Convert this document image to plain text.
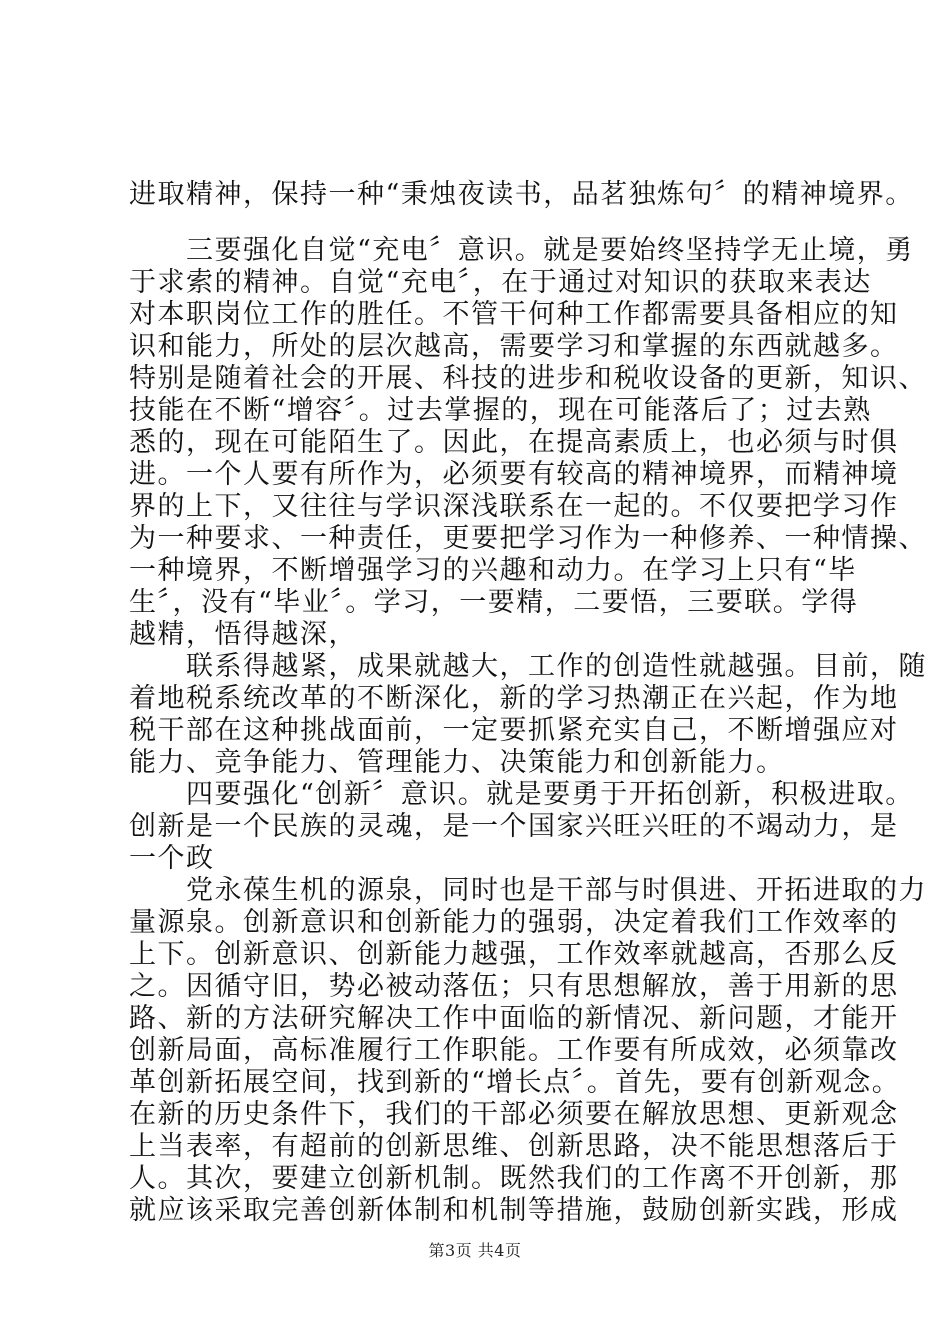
进取精神，保持一种“秉烛夜读书，品茗独炼句〞的精神境界。

　　三要强化自觉“充电〞意识。就是要始终坚持学无止境，勇

于求索的精神。自觉“充电〞，在于通过对知识的获取来表达

对本职岗位工作的胜任。不管干何种工作都需要具备相应的知

识和能力，所处的层次越高，需要学习和掌握的东西就越多。

特别是随着社会的开展、科技的进步和税收设备的更新，知识、

技能在不断“增容〞。过去掌握的，现在可能落后了；过去熟

悉的，现在可能陌生了。因此，在提高素质上，也必须与时俱

进。一个人要有所作为，必须要有较高的精神境界，而精神境

界的上下，又往往与学识深浅联系在一起的。不仅要把学习作

为一种要求、一种责任，更要把学习作为一种修养、一种情操、

一种境界，不断增强学习的兴趣和动力。在学习上只有“毕

生〞，没有“毕业〞。学习，一要精，二要悟，三要联。学得

越精，悟得越深，

　　联系得越紧，成果就越大，工作的创造性就越强。目前，随

着地税系统改革的不断深化，新的学习热潮正在兴起，作为地

税干部在这种挑战面前，一定要抓紧充实自己，不断增强应对

能力、竞争能力、管理能力、决策能力和创新能力。

　　四要强化“创新〞意识。就是要勇于开拓创新，积极进取。

创新是一个民族的灵魂，是一个国家兴旺兴旺的不竭动力，是

一个政

　　党永葆生机的源泉，同时也是干部与时俱进、开拓进取的力

量源泉。创新意识和创新能力的强弱，决定着我们工作效率的

上下。创新意识、创新能力越强，工作效率就越高，否那么反

之。因循守旧，势必被动落伍；只有思想解放，善于用新的思

路、新的方法研究解决工作中面临的新情况、新问题，才能开

创新局面，高标准履行工作职能。工作要有所成效，必须靠改

革创新拓展空间，找到新的“增长点〞。首先，要有创新观念。

在新的历史条件下，我们的干部必须要在解放思想、更新观念

上当表率，有超前的创新思维、创新思路，决不能思想落后于

人。其次，要建立创新机制。既然我们的工作离不开创新，那

就应该采取完善创新体制和机制等措施，鼓励创新实践，形成

第3页 共4页
